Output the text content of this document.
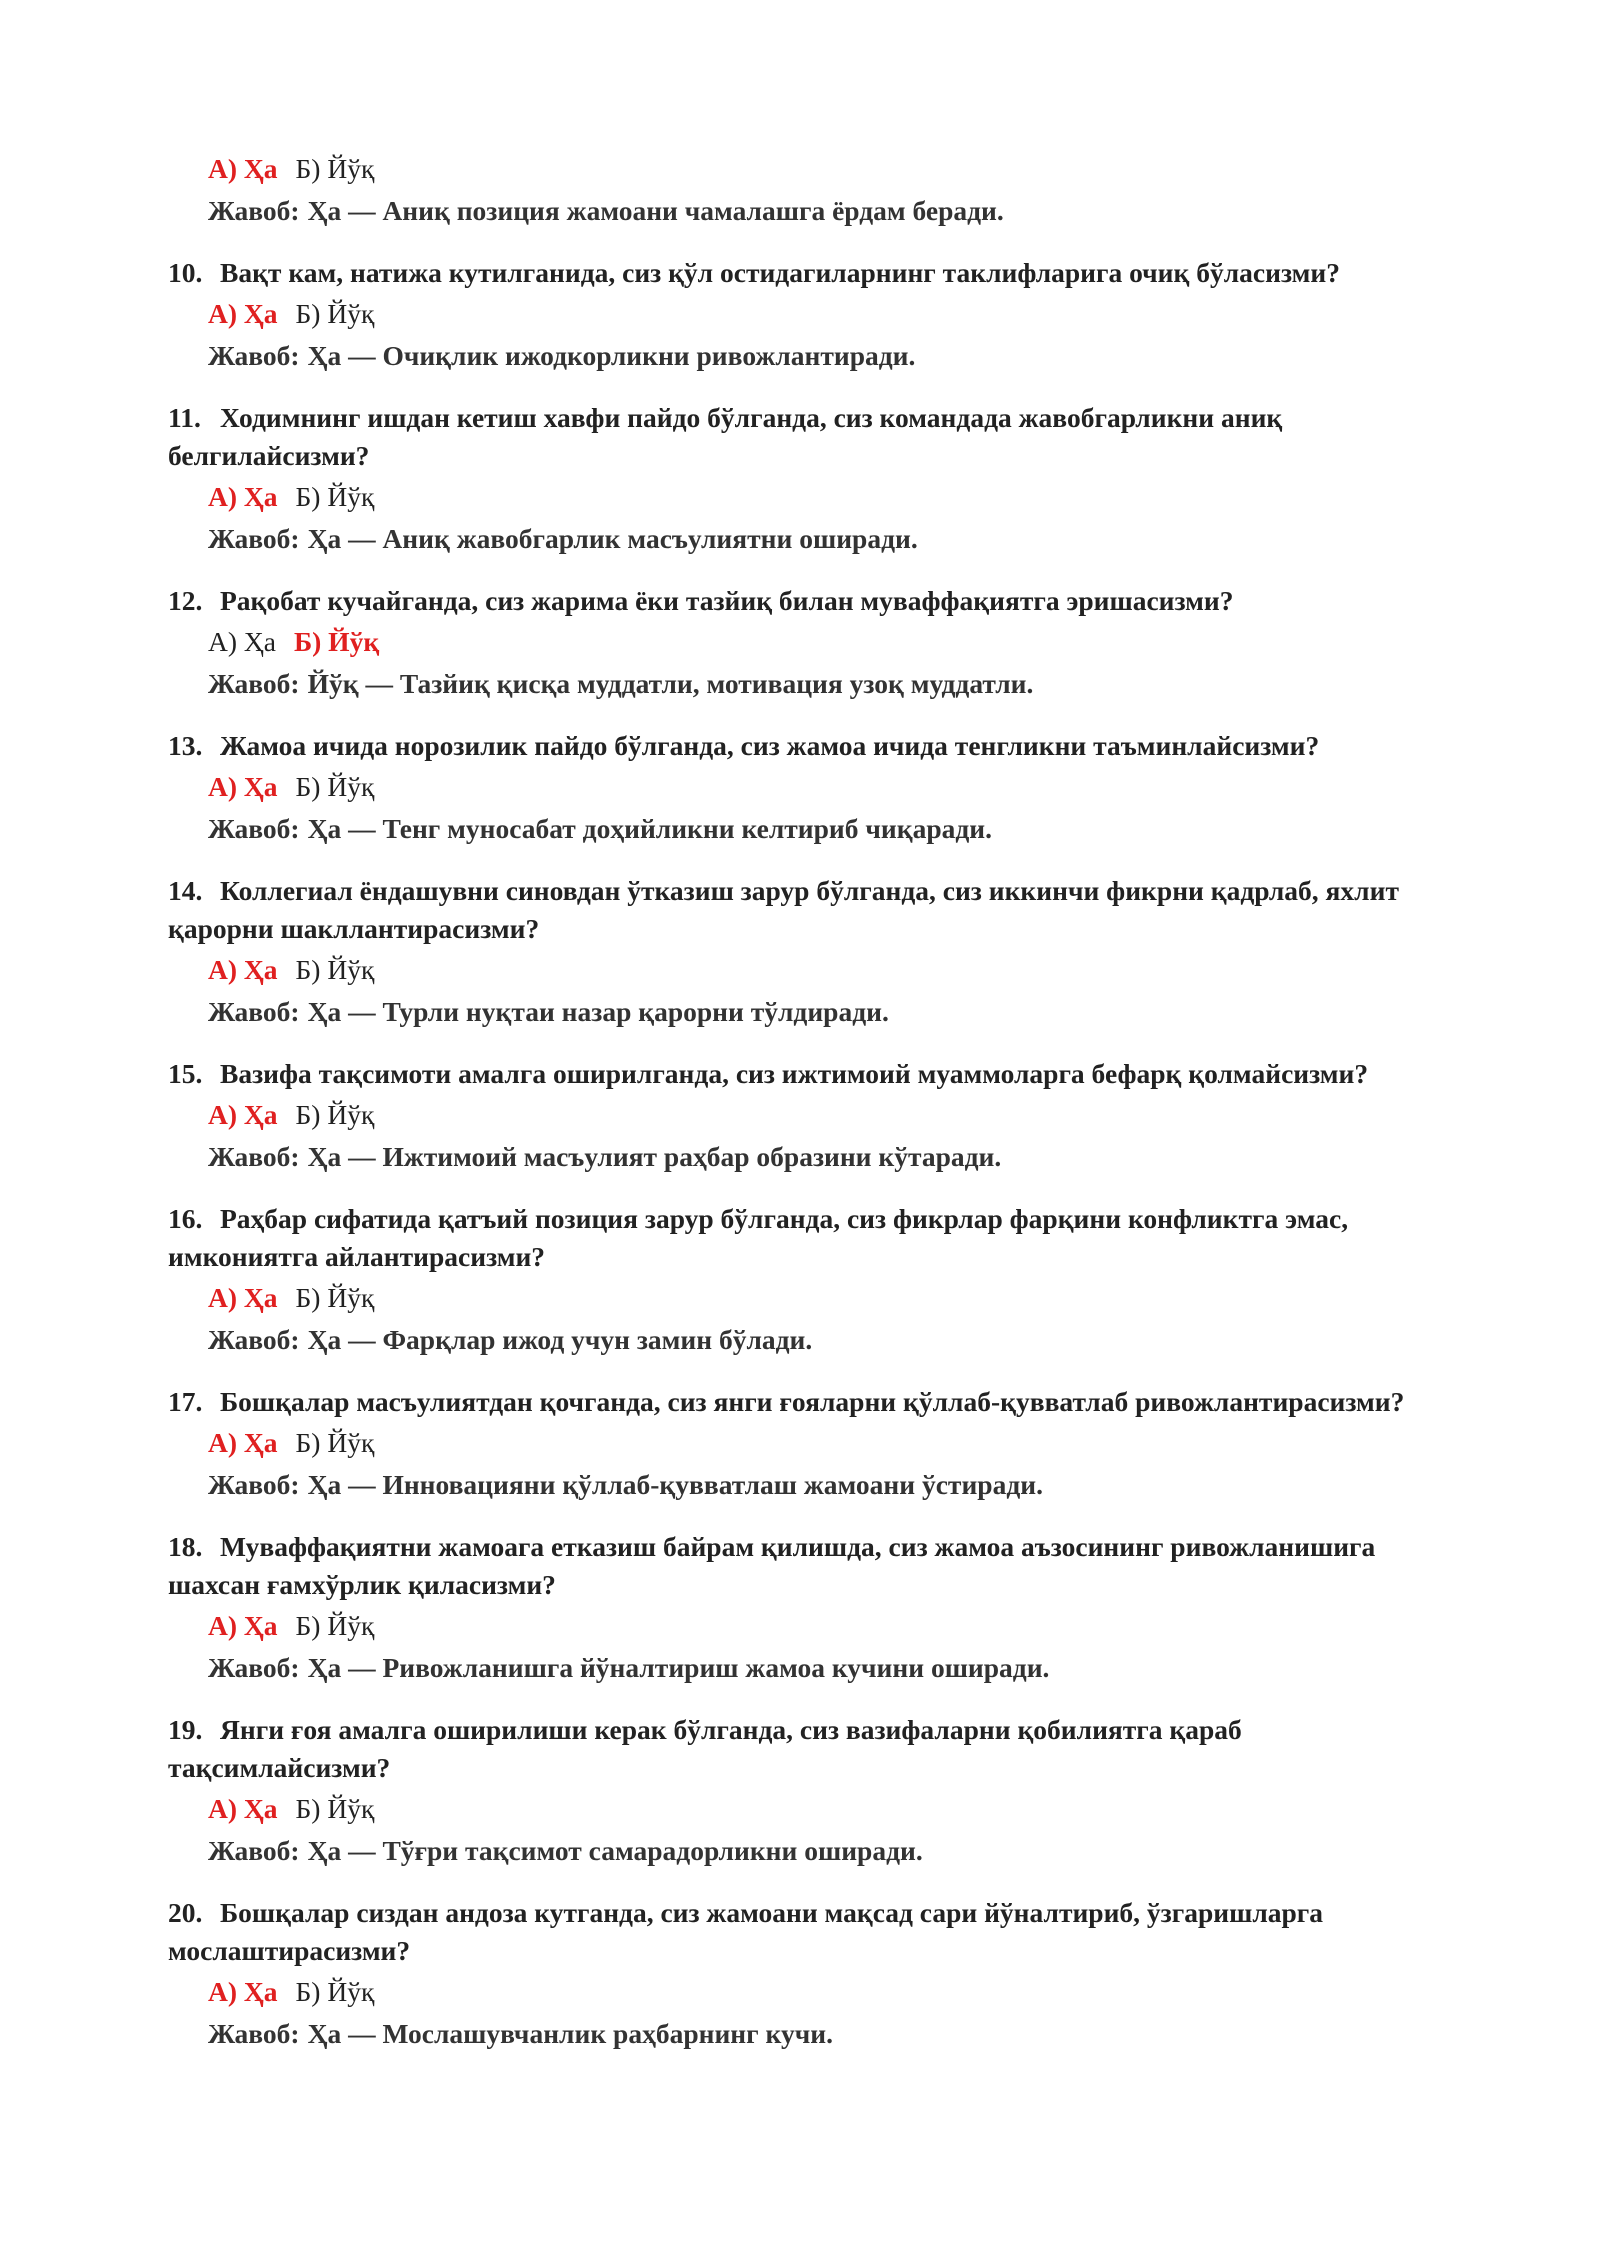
А) Ҳа Б) Йўқ
Жавоб: Ҳа — Аниқ позиция жамоани чамалашга ёрдам беради.
10. Вақт кам, натижа кутилганида, сиз қўл остидагиларнинг таклифларига очиқ бўласизми?
А) Ҳа Б) Йўқ
Жавоб: Ҳа — Очиқлик ижодкорликни ривожлантиради.
11. Ходимнинг ишдан кетиш хавфи пайдо бўлганда, сиз командада жавобгарликни аниқ белгилайсизми?
А) Ҳа Б) Йўқ
Жавоб: Ҳа — Аниқ жавобгарлик масъулиятни оширади.
12. Рақобат кучайганда, сиз жарима ёки тазйиқ билан муваффақиятга эришасизми?
А) Ҳа Б) Йўқ
Жавоб: Йўқ — Тазйиқ қисқа муддатли, мотивация узоқ муддатли.
13. Жамоа ичида норозилик пайдо бўлганда, сиз жамоа ичида тенгликни таъминлайсизми?
А) Ҳа Б) Йўқ
Жавоб: Ҳа — Тенг муносабат доҳийликни келтириб чиқаради.
14. Коллегиал ёндашувни синовдан ўтказиш зарур бўлганда, сиз иккинчи фикрни қадрлаб, яхлит қарорни шакллантирасизми?
А) Ҳа Б) Йўқ
Жавоб: Ҳа — Турли нуқтаи назар қарорни тўлдиради.
15. Вазифа тақсимоти амалга оширилганда, сиз ижтимоий муаммоларга бефарқ қолмайсизми?
А) Ҳа Б) Йўқ
Жавоб: Ҳа — Ижтимоий масъулият раҳбар образини кўтаради.
16. Раҳбар сифатида қатъий позиция зарур бўлганда, сиз фикрлар фарқини конфликтга эмас, имкониятга айлантирасизми?
А) Ҳа Б) Йўқ
Жавоб: Ҳа — Фарқлар ижод учун замин бўлади.
17. Бошқалар масъулиятдан қочганда, сиз янги ғояларни қўллаб-қувватлаб ривожлантирасизми?
А) Ҳа Б) Йўқ
Жавоб: Ҳа — Инновацияни қўллаб-қувватлаш жамоани ўстиради.
18. Муваффақиятни жамоага етказиш байрам қилишда, сиз жамоа аъзосининг ривожланишига шахсан ғамхўрлик қиласизми?
А) Ҳа Б) Йўқ
Жавоб: Ҳа — Ривожланишга йўналтириш жамоа кучини оширади.
19. Янги ғоя амалга оширилиши керак бўлганда, сиз вазифаларни қобилиятга қараб тақсимлайсизми?
А) Ҳа Б) Йўқ
Жавоб: Ҳа — Тўғри тақсимот самарадорликни оширади.
20. Бошқалар сиздан андоза кутганда, сиз жамоани мақсад сари йўналтириб, ўзгаришларга мослаштирасизми?
А) Ҳа Б) Йўқ
Жавоб: Ҳа — Мослашувчанлик раҳбарнинг кучи.
